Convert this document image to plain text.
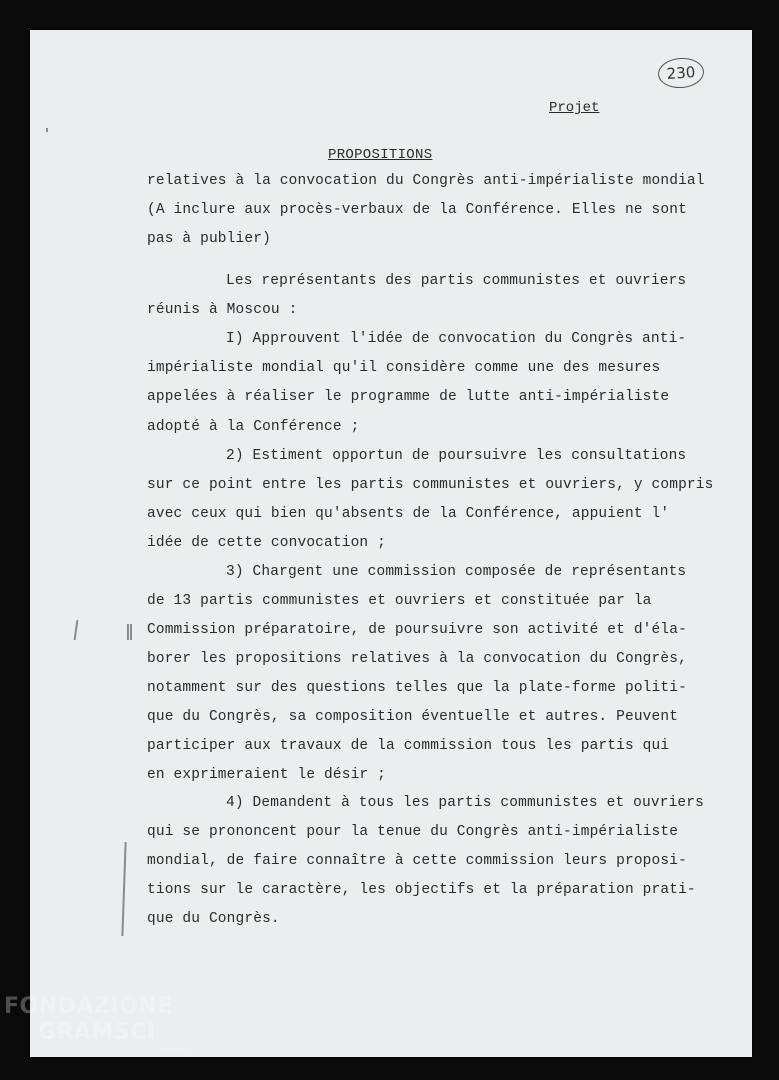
230
Projet
PROPOSITIONS
relatives à la convocation du Congrès anti-impérialiste mondial
(A inclure aux procès-verbaux de la Conférence. Elles ne sont
pas à publier)
Les représentants des partis communistes et ouvriers
réunis à Moscou :
I) Approuvent l'idée de convocation du Congrès anti-
impérialiste mondial qu'il considère comme une des mesures
appelées à réaliser le programme de lutte anti-impérialiste
adopté à la Conférence ;
2) Estiment opportun de poursuivre les consultations
sur ce point entre les partis communistes et ouvriers, y compris
avec ceux qui bien qu'absents de la Conférence, appuient l'
idée de cette convocation ;
3) Chargent une commission composée de représentants
de 13 partis communistes et ouvriers et constituée par la
Commission préparatoire, de poursuivre son activité et d'éla-
borer les propositions relatives à la convocation du Congrès,
notamment sur des questions telles que la plate-forme politi-
que du Congrès, sa composition éventuelle et autres. Peuvent
participer aux travaux de la commission tous les partis qui
en exprimeraient le désir ;
4) Demandent à tous les partis communistes et ouvriers
qui se prononcent pour la tenue du Congrès anti-impérialiste
mondial, de faire connaître à cette commission leurs proposi-
tions sur le caractère, les objectifs et la préparation prati-
que du Congrès.
FONDAZIONE
GRAMSCI
onlus
